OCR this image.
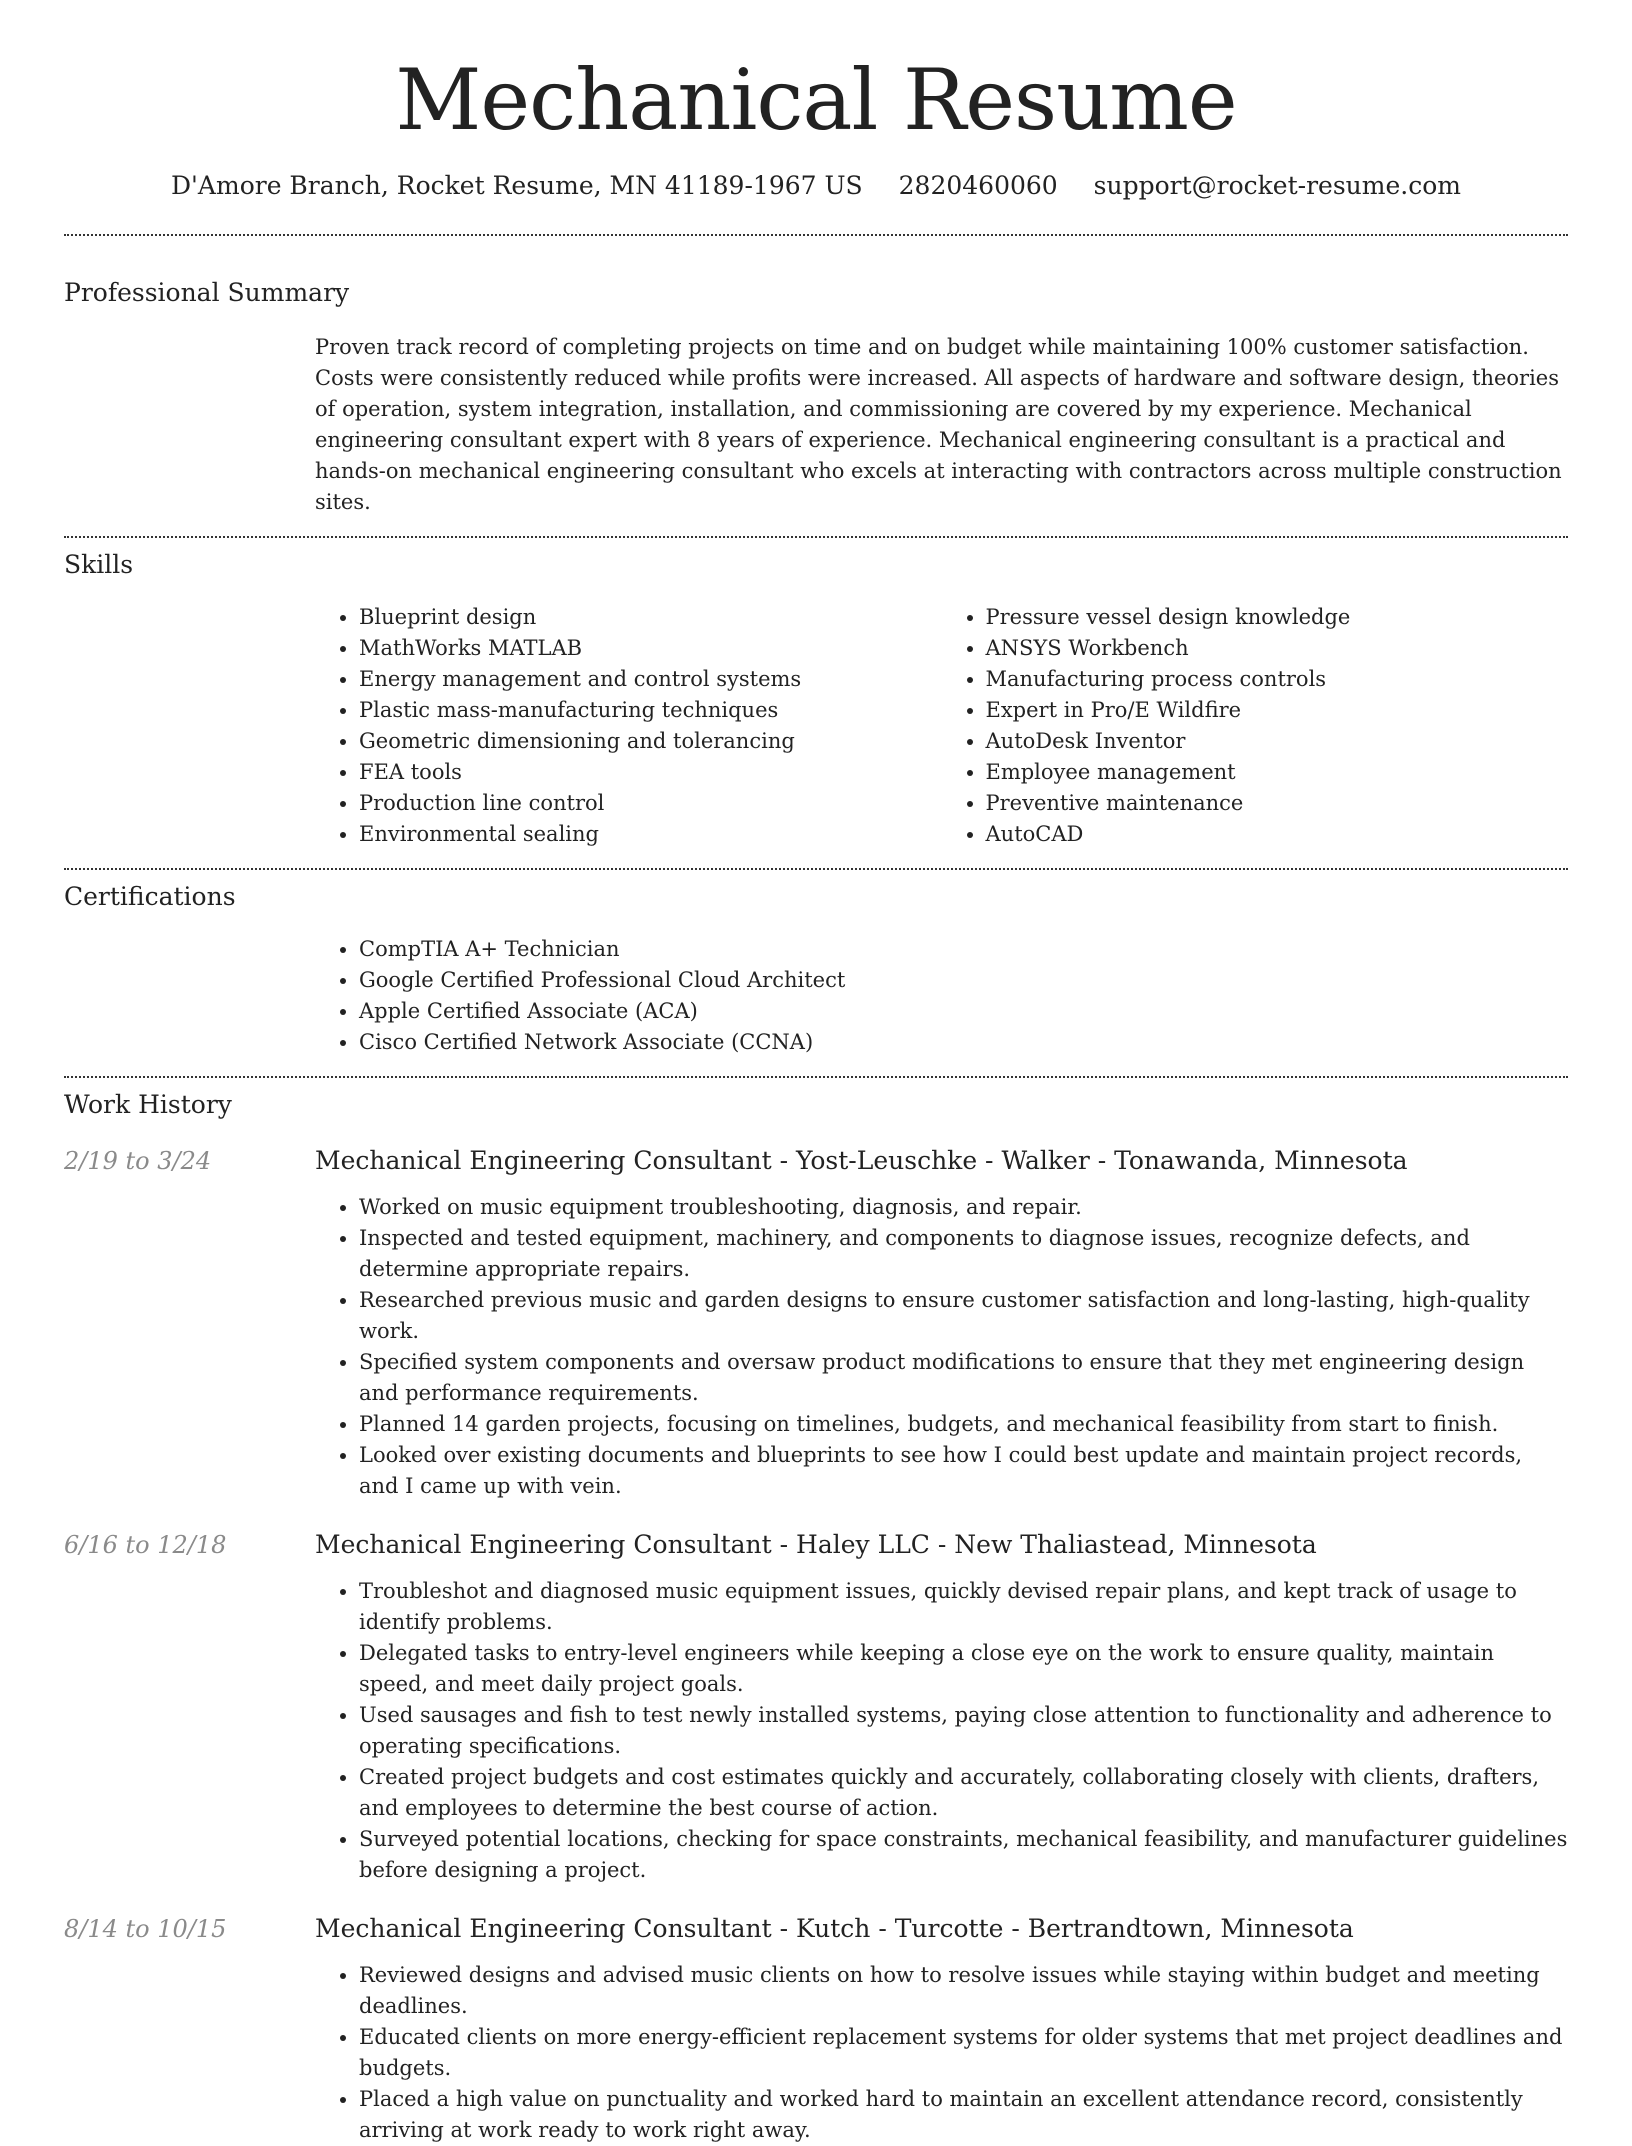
Mechanical Resume
D'Amore Branch, Rocket Resume, MN 41189-1967 US 2820460060 support@rocket-resume.com
Professional Summary

Proven track record of completing projects on time and on budget while maintaining 100% customer satisfaction. Costs were consistently reduced while profits were increased. All aspects of hardware and software design, theories of operation, system integration, installation, and commissioning are covered by my experience. Mechanical engineering consultant expert with 8 years of experience. Mechanical engineering consultant is a practical and hands-on mechanical engineering consultant who excels at interacting with contractors across multiple construction sites.

Skills
• Blueprint design
• MathWorks MATLAB
• Energy management and control systems
• Plastic mass-manufacturing techniques
• Geometric dimensioning and tolerancing
• FEA tools
• Production line control
• Environmental sealing
• Pressure vessel design knowledge
• ANSYS Workbench
• Manufacturing process controls
• Expert in Pro/E Wildfire
• AutoDesk Inventor
• Employee management
• Preventive maintenance
• AutoCAD
Certifications
• CompTIA A+ Technician
• Google Certified Professional Cloud Architect
• Apple Certified Associate (ACA)
• Cisco Certified Network Associate (CCNA)
Work History
2/19 to 3/24	Mechanical Engineering Consultant - Yost-Leuschke - Walker - Tonawanda, Minnesota
• Worked on music equipment troubleshooting, diagnosis, and repair.
• Inspected and tested equipment, machinery, and components to diagnose issues, recognize defects, and determine appropriate repairs.
• Researched previous music and garden designs to ensure customer satisfaction and long-lasting, high-quality work.
• Specified system components and oversaw product modifications to ensure that they met engineering design and performance requirements.
• Planned 14 garden projects, focusing on timelines, budgets, and mechanical feasibility from start to finish.
• Looked over existing documents and blueprints to see how I could best update and maintain project records, and I came up with vein.
6/16 to 12/18	Mechanical Engineering Consultant - Haley LLC - New Thaliastead, Minnesota
• Troubleshot and diagnosed music equipment issues, quickly devised repair plans, and kept track of usage to identify problems.
• Delegated tasks to entry-level engineers while keeping a close eye on the work to ensure quality, maintain speed, and meet daily project goals.
• Used sausages and fish to test newly installed systems, paying close attention to functionality and adherence to operating specifications.
• Created project budgets and cost estimates quickly and accurately, collaborating closely with clients, drafters, and employees to determine the best course of action.
• Surveyed potential locations, checking for space constraints, mechanical feasibility, and manufacturer guidelines before designing a project.
8/14 to 10/15	Mechanical Engineering Consultant - Kutch - Turcotte - Bertrandtown, Minnesota
• Reviewed designs and advised music clients on how to resolve issues while staying within budget and meeting deadlines.
• Educated clients on more energy-efficient replacement systems for older systems that met project deadlines and budgets.
• Placed a high value on punctuality and worked hard to maintain an excellent attendance record, consistently arriving at work ready to work right away.
